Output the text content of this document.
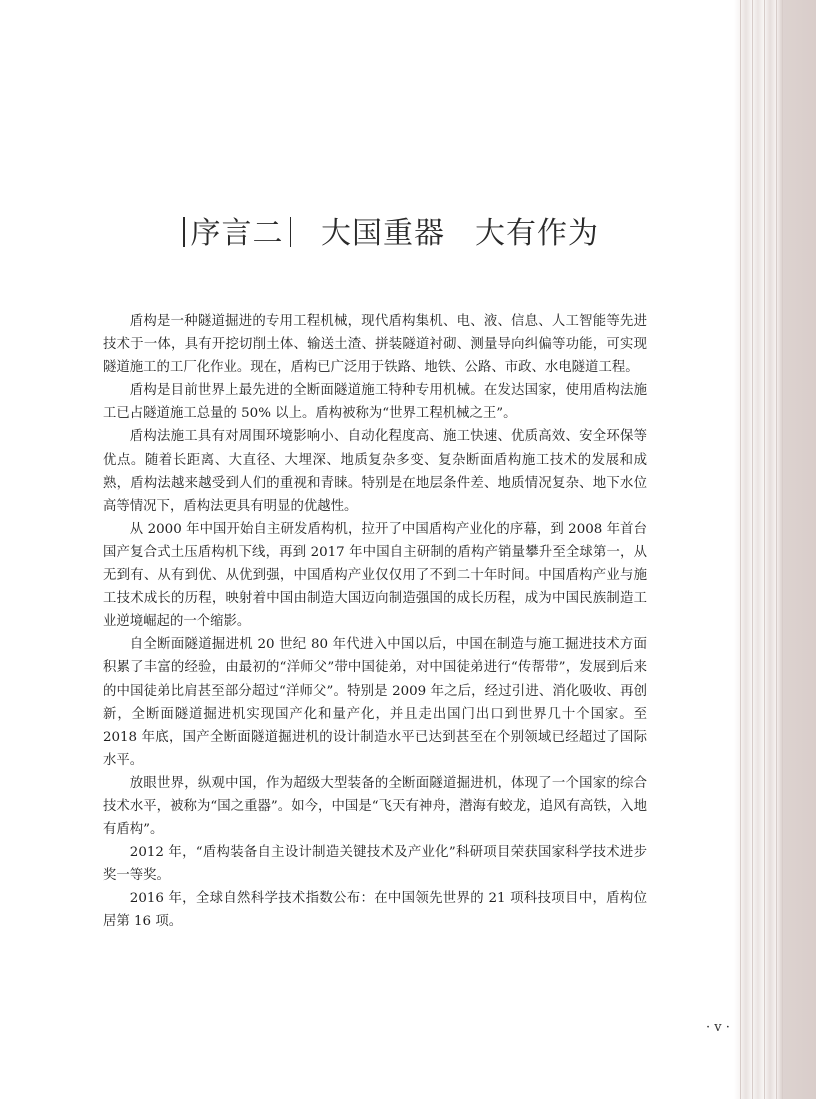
序言二 大国重器 大有作为

盾构是一种隧道掘进的专用工程机械，现代盾构集机、电、液、信息、人工智能等先进技术于一体，具有开挖切削土体、输送土渣、拼装隧道衬砌、测量导向纠偏等功能，可实现隧道施工的工厂化作业。现在，盾构已广泛用于铁路、地铁、公路、市政、水电隧道工程。

盾构是目前世界上最先进的全断面隧道施工特种专用机械。在发达国家，使用盾构法施工已占隧道施工总量的 50% 以上。盾构被称为“世界工程机械之王”。

盾构法施工具有对周围环境影响小、自动化程度高、施工快速、优质高效、安全环保等优点。随着长距离、大直径、大埋深、地质复杂多变、复杂断面盾构施工技术的发展和成熟，盾构法越来越受到人们的重视和青睐。特别是在地层条件差、地质情况复杂、地下水位高等情况下，盾构法更具有明显的优越性。

从 2000 年中国开始自主研发盾构机，拉开了中国盾构产业化的序幕，到 2008 年首台国产复合式土压盾构机下线，再到 2017 年中国自主研制的盾构产销量攀升至全球第一，从无到有、从有到优、从优到强，中国盾构产业仅仅用了不到二十年时间。中国盾构产业与施工技术成长的历程，映射着中国由制造大国迈向制造强国的成长历程，成为中国民族制造工业逆境崛起的一个缩影。

自全断面隧道掘进机 20 世纪 80 年代进入中国以后，中国在制造与施工掘进技术方面积累了丰富的经验，由最初的“洋师父”带中国徒弟，对中国徒弟进行“传帮带”，发展到后来的中国徒弟比肩甚至部分超过“洋师父”。特别是 2009 年之后，经过引进、消化吸收、再创新，全断面隧道掘进机实现国产化和量产化，并且走出国门出口到世界几十个国家。至 2018 年底，国产全断面隧道掘进机的设计制造水平已达到甚至在个别领域已经超过了国际水平。

放眼世界，纵观中国，作为超级大型装备的全断面隧道掘进机，体现了一个国家的综合技术水平，被称为“国之重器”。如今，中国是“飞天有神舟，潜海有蛟龙，追风有高铁，入地有盾构”。

2012 年，“盾构装备自主设计制造关键技术及产业化”科研项目荣获国家科学技术进步奖一等奖。

2016 年，全球自然科学技术指数公布：在中国领先世界的 21 项科技项目中，盾构位居第 16 项。

· v ·
